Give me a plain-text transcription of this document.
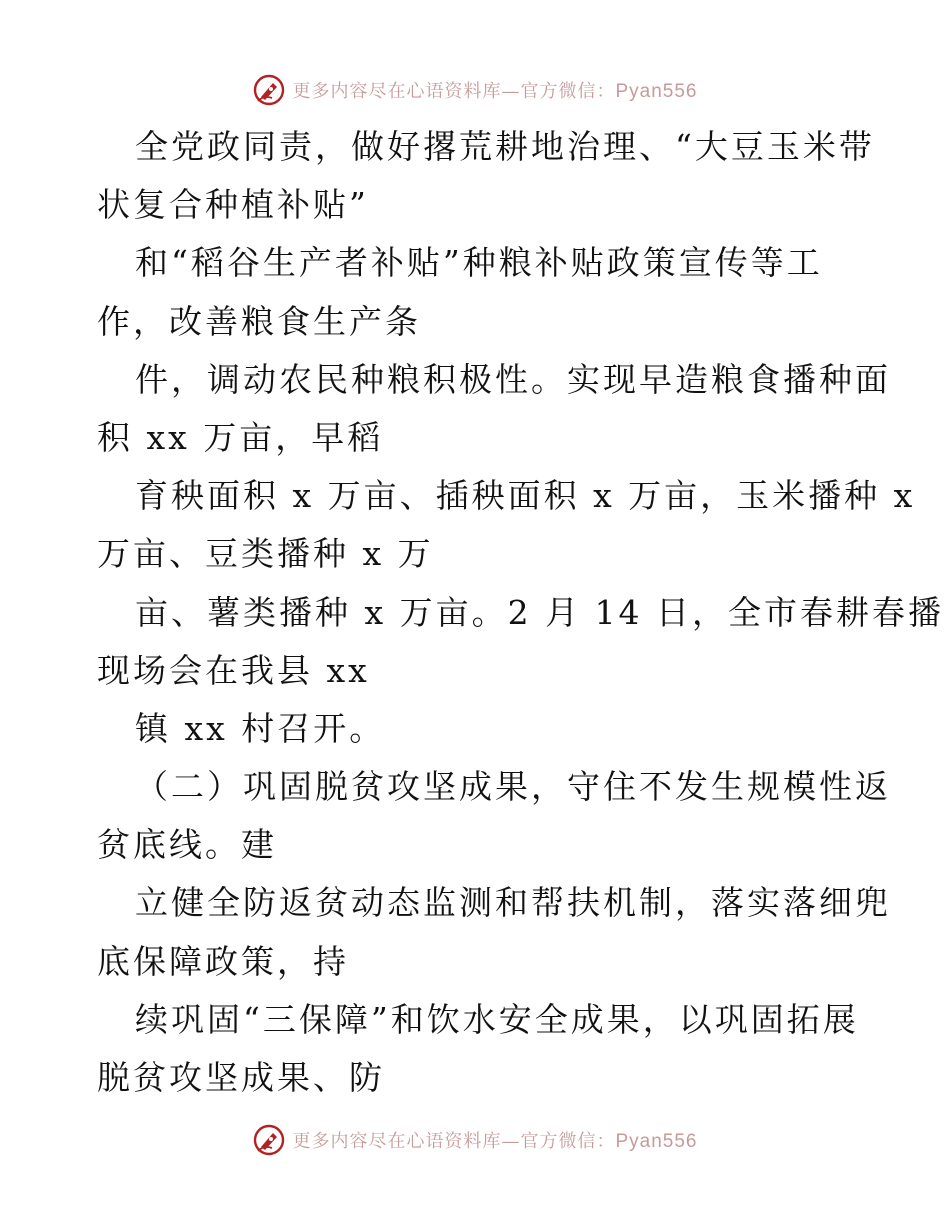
更多内容尽在心语资料库—官方微信：Pyan556
全党政同责，做好撂荒耕地治理、“大豆玉米带
状复合种植补贴”
和“稻谷生产者补贴”种粮补贴政策宣传等工
作，改善粮食生产条
件，调动农民种粮积极性。实现早造粮食播种面
积 xx 万亩，早稻
育秧面积 x 万亩、插秧面积 x 万亩，玉米播种 x
万亩、豆类播种 x 万
亩、薯类播种 x 万亩。2 月 14 日，全市春耕春播
现场会在我县 xx
镇 xx 村召开。
（二）巩固脱贫攻坚成果，守住不发生规模性返
贫底线。建
立健全防返贫动态监测和帮扶机制，落实落细兜
底保障政策，持
续巩固“三保障”和饮水安全成果，以巩固拓展
脱贫攻坚成果、防
更多内容尽在心语资料库—官方微信：Pyan556
